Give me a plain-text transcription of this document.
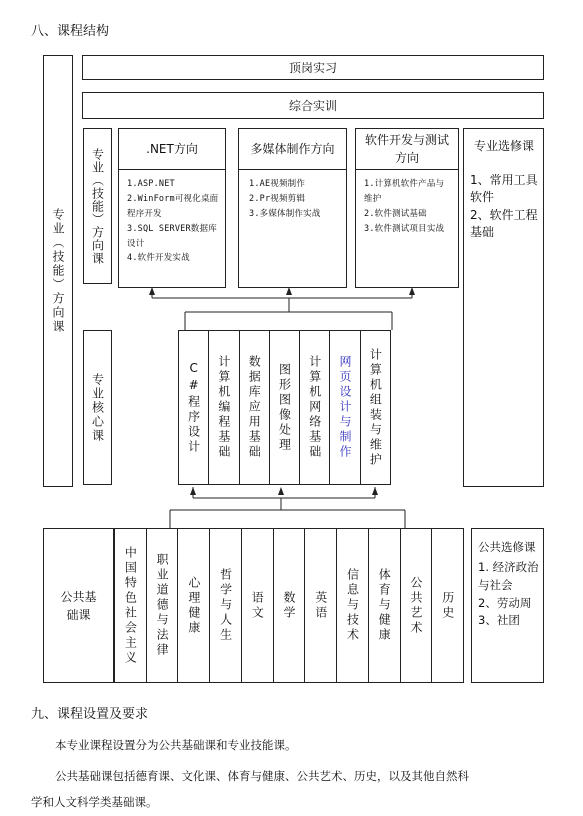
八、课程结构
专业（技能）方向课
顶岗实习
综合实训
专业（技能）方向课	.NET方向
1.ASP.NET
2.WinForm可视化桌面程序开发
3.SQL SERVER数据库设计
4.软件开发实战
多媒体制作方向
1.AE视频制作
2.Pr视频剪辑
3.多媒体制作实战
软件开发与测试方向
1.计算机软件产品与维护
2.软件测试基础
3.软件测试项目实战
专业选修课
1、常用工具软件
2、软件工程基础
专业核心课	C#程序设计 计算机编程基础 数据库应用基础 图形图像处理 计算机网络基础 网页设计与制作 计算机组装与维护
公共基础课	中国特色社会主义 职业道德与法律 心理健康 哲学与人生 语文 数学 英语 信息与技术 体育与健康 公共艺术 历史
公共选修课
1. 经济政治与社会
2、劳动周
3、社团
九、课程设置及要求
本专业课程设置分为公共基础课和专业技能课。
公共基础课包括德育课、文化课、体育与健康、公共艺术、历史，以及其他自然科
学和人文科学类基础课。
